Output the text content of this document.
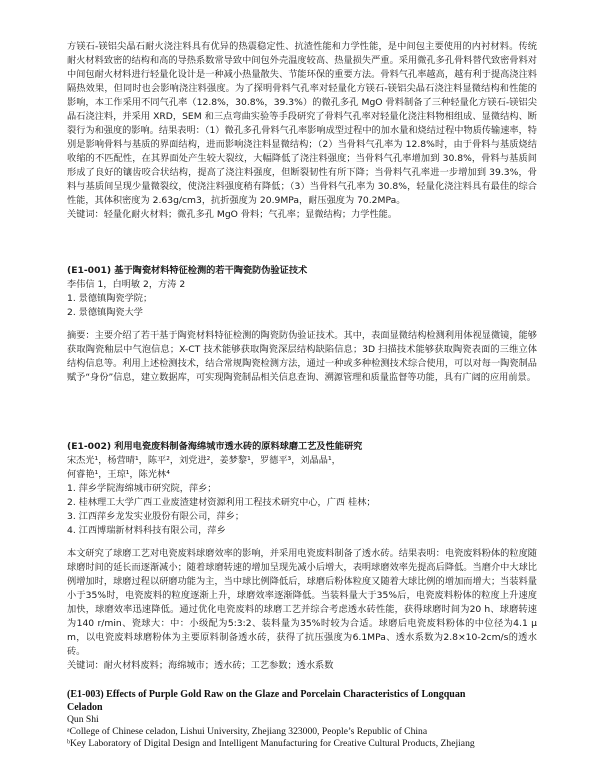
方镁石-镁铝尖晶石耐火浇注料具有优异的热震稳定性、抗渣性能和力学性能，是中间包主要使用的内衬材料。传统耐火材料致密的结构和高的导热系数常导致中间包外壳温度较高、热量损失严重。采用微孔多孔骨料替代致密骨料对中间包耐火材料进行轻量化设计是一种减小热量散失、节能环保的重要方法。骨料气孔率越高，越有利于提高浇注料隔热效果，但同时也会影响浇注料强度。为了探明骨料气孔率对轻量化方镁石-镁铝尖晶石浇注料显微结构和性能的影响，本工作采用不同气孔率（12.8%，30.8%，39.3%）的微孔多孔 MgO 骨料制备了三种轻量化方镁石-镁铝尖晶石浇注料，并采用 XRD，SEM 和三点弯曲实验等手段研究了骨料气孔率对轻量化浇注料物相组成、显微结构、断裂行为和强度的影响。结果表明：（1）微孔多孔骨料气孔率影响成型过程中的加水量和烧结过程中物质传输速率，特别是影响骨料与基质的界面结构，进而影响浇注料显微结构；（2）当骨料气孔率为 12.8%时，由于骨料与基质烧结收缩的不匹配性，在其界面处产生较大裂纹，大幅降低了浇注料强度；当骨料气孔率增加到 30.8%，骨料与基质间形成了良好的镶齿咬合状结构，提高了浇注料强度，但断裂韧性有所下降；当骨料气孔率进一步增加到 39.3%，骨料与基质间呈现少量微裂纹，使浇注料强度稍有降低；（3）当骨料气孔率为 30.8%，轻量化浇注料具有最佳的综合性能，其体积密度为 2.63g/cm3，抗折强度为 20.9MPa，耐压强度为 70.2MPa。

关键词：轻量化耐火材料；微孔多孔 MgO 骨料；气孔率；显微结构；力学性能。

(E1-001) 基于陶瓷材料特征检测的若干陶瓷防伪验证技术

李伟信 1，白明敏 2，方涛 2

1. 景德镇陶瓷学院；

2. 景德镇陶瓷大学

摘要：主要介绍了若干基于陶瓷材料特征检测的陶瓷防伪验证技术。其中，表面显微结构检测利用体视显微镜，能够获取陶瓷釉层中气泡信息；X-CT 技术能够获取陶瓷深层结构缺陷信息；3D 扫描技术能够获取陶瓷表面的三维立体结构信息等。利用上述检测技术，结合常规陶瓷检测方法，通过一种或多种检测技术综合使用，可以对每一陶瓷制品赋予“身份”信息，建立数据库，可实现陶瓷制品相关信息查询、溯源管理和质量监督等功能，具有广阔的应用前景。

(E1-002) 利用电瓷废料制备海绵城市透水砖的原料球磨工艺及性能研究

宋杰光¹，杨营晴¹，陈平²，刘党进²，姜梦黎¹，罗德平³，刘晶晶¹，

何睿艳¹，王琼¹，陈光林⁴

1. 萍乡学院海绵城市研究院，萍乡；

2. 桂林理工大学广西工业废渣建材资源利用工程技术研究中心，广西 桂林；

3. 江西萍乡龙发实业股份有限公司，萍乡；

4. 江西博瑞新材料科技有限公司，萍乡

本文研究了球磨工艺对电瓷废料球磨效率的影响，并采用电瓷废料制备了透水砖。结果表明：电瓷废料粉体的粒度随球磨时间的延长而逐渐减小；随着球磨转速的增加呈现先减小后增大，表明球磨效率先提高后降低。当磨介中大球比例增加时，球磨过程以研磨功能为主，当中球比例降低后，球磨后粉体粒度又随着大球比例的增加而增大；当装料量小于35%时，电瓷废料的粒度逐渐上升，球磨效率逐渐降低。当装料量大于35%后，电瓷废料粉体的粒度上升速度加快，球磨效率迅速降低。通过优化电瓷废料的球磨工艺并综合考虑透水砖性能，获得球磨时间为20 h、球磨转速为140 r/min、瓷球大：中：小级配为5:3:2、装料量为35%时较为合适。球磨后电瓷废料粉体的中位径为4.1 μm，以电瓷废料球磨粉体为主要原料制备透水砖，获得了抗压强度为6.1MPa、透水系数为2.8×10-2cm/s的透水砖。

关键词：耐火材料废料；海绵城市；透水砖；工艺参数；透水系数

(E1-003) Effects of Purple Gold Raw on the Glaze and Porcelain Characteristics of Longquan

Celadon

Qun Shi

ᵃCollege of Chinese celadon, Lishui University, Zhejiang 323000, People’s Republic of China

ᵇKey Laboratory of Digital Design and Intelligent Manufacturing for Creative Cultural Products, Zhejiang
